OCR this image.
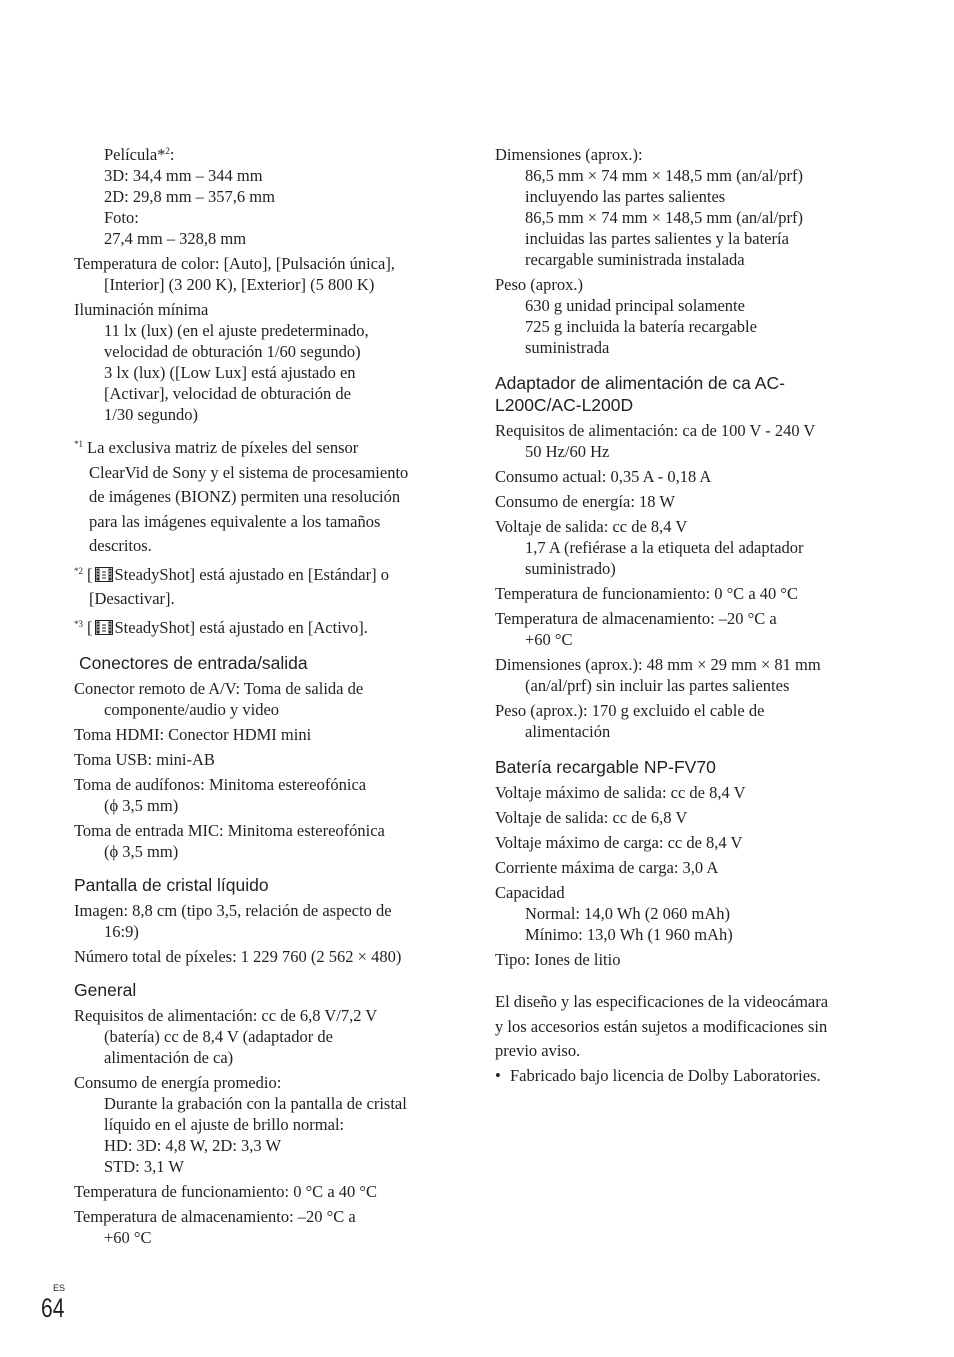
Película*$^2$:
3D: 34,4 mm – 344 mm
2D: 29,8 mm – 357,6 mm
Foto:
27,4 mm – 328,8 mm
Temperatura de color: [Auto], [Pulsación única],
[Interior] (3 200 K), [Exterior] (5 800 K)
Iluminación mínima
11 lx (lux) (en el ajuste predeterminado,
velocidad de obturación 1/60 segundo)
3 lx (lux) ([Low Lux] está ajustado en
[Activar], velocidad de obturación de
1/30 segundo)
$^{*1}$ La exclusiva matriz de píxeles del sensor
ClearVid de Sony y el sistema de procesamiento
de imágenes (BIONZ) permiten una resolución
para las imágenes equivalente a los tamaños
descritos.
$^{*2}$ [ SteadyShot] está ajustado en [Estándar] o
[Desactivar].
$^{*3}$ [ SteadyShot] está ajustado en [Activo].
Conectores de entrada/salida
Conector remoto de A/V: Toma de salida de
componente/audio y video
Toma HDMI: Conector HDMI mini
Toma USB: mini-AB
Toma de audífonos: Minitoma estereofónica
(ϕ 3,5 mm)
Toma de entrada MIC: Minitoma estereofónica
(ϕ 3,5 mm)
Pantalla de cristal líquido
Imagen: 8,8 cm (tipo 3,5, relación de aspecto de
16:9)
Número total de píxeles: 1 229 760 (2 562 × 480)
General
Requisitos de alimentación: cc de 6,8 V/7,2 V
(batería) cc de 8,4 V (adaptador de
alimentación de ca)
Consumo de energía promedio:
Durante la grabación con la pantalla de cristal
líquido en el ajuste de brillo normal:
HD: 3D: 4,8 W, 2D: 3,3 W
STD: 3,1 W
Temperatura de funcionamiento: 0 °C a 40 °C
Temperatura de almacenamiento: –20 °C a
+60 °C
Dimensiones (aprox.):
86,5 mm × 74 mm × 148,5 mm (an/al/prf)
incluyendo las partes salientes
86,5 mm × 74 mm × 148,5 mm (an/al/prf)
incluidas las partes salientes y la batería
recargable suministrada instalada
Peso (aprox.)
630 g unidad principal solamente
725 g incluida la batería recargable
suministrada
Adaptador de alimentación de ca AC-
L200C/AC-L200D
Requisitos de alimentación: ca de 100 V - 240 V
50 Hz/60 Hz
Consumo actual: 0,35 A - 0,18 A
Consumo de energía: 18 W
Voltaje de salida: cc de 8,4 V
1,7 A (refiérase a la etiqueta del adaptador
suministrado)
Temperatura de funcionamiento: 0 °C a 40 °C
Temperatura de almacenamiento: –20 °C a
+60 °C
Dimensiones (aprox.): 48 mm × 29 mm × 81 mm
(an/al/prf) sin incluir las partes salientes
Peso (aprox.): 170 g excluido el cable de
alimentación
Batería recargable NP-FV70
Voltaje máximo de salida: cc de 8,4 V
Voltaje de salida: cc de 6,8 V
Voltaje máximo de carga: cc de 8,4 V
Corriente máxima de carga: 3,0 A
Capacidad
Normal: 14,0 Wh (2 060 mAh)
Mínimo: 13,0 Wh (1 960 mAh)
Tipo: Iones de litio
El diseño y las especificaciones de la videocámara
y los accesorios están sujetos a modificaciones sin
previo aviso.
• Fabricado bajo licencia de Dolby Laboratories.
ES
64
